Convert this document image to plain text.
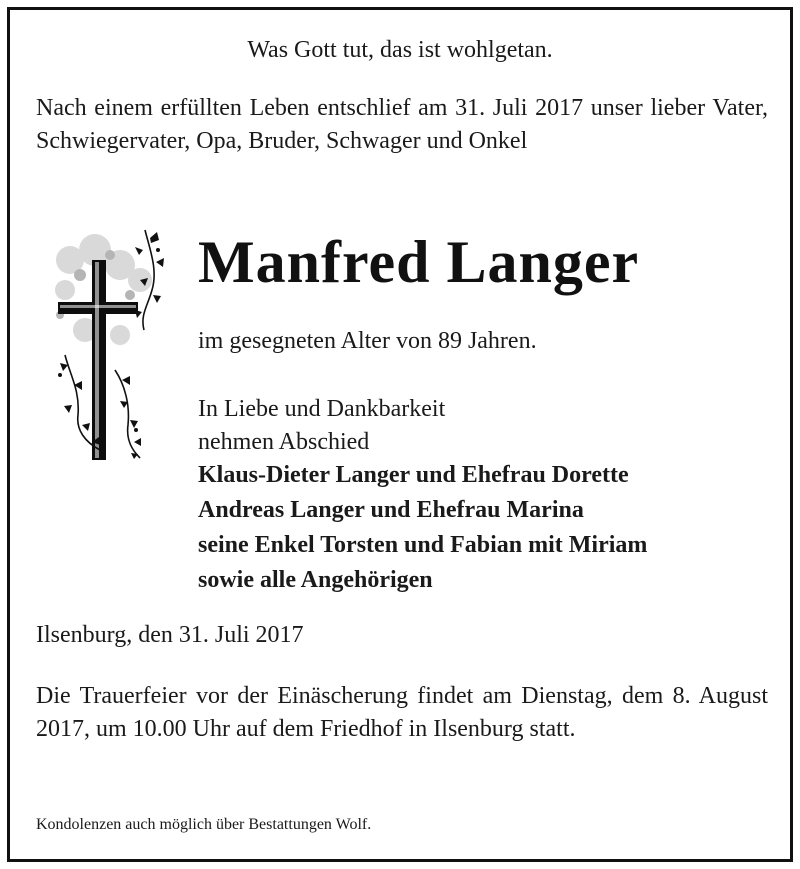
Was Gott tut, das ist wohlgetan.
Nach einem erfüllten Leben entschlief am 31. Juli 2017 unser lieber Vater, Schwiegervater, Opa, Bruder, Schwager und Onkel
Manfred Langer
im gesegneten Alter von 89 Jahren.
In Liebe und Dankbarkeit
nehmen Abschied
Klaus-Dieter Langer und Ehefrau Dorette
Andreas Langer und Ehefrau Marina
seine Enkel Torsten und Fabian mit Miriam
sowie alle Angehörigen
Ilsenburg, den 31. Juli 2017
Die Trauerfeier vor der Einäscherung findet am Dienstag, dem 8. August 2017, um 10.00 Uhr auf dem Friedhof in Ilsenburg statt.
Kondolenzen auch möglich über Bestattungen Wolf.
